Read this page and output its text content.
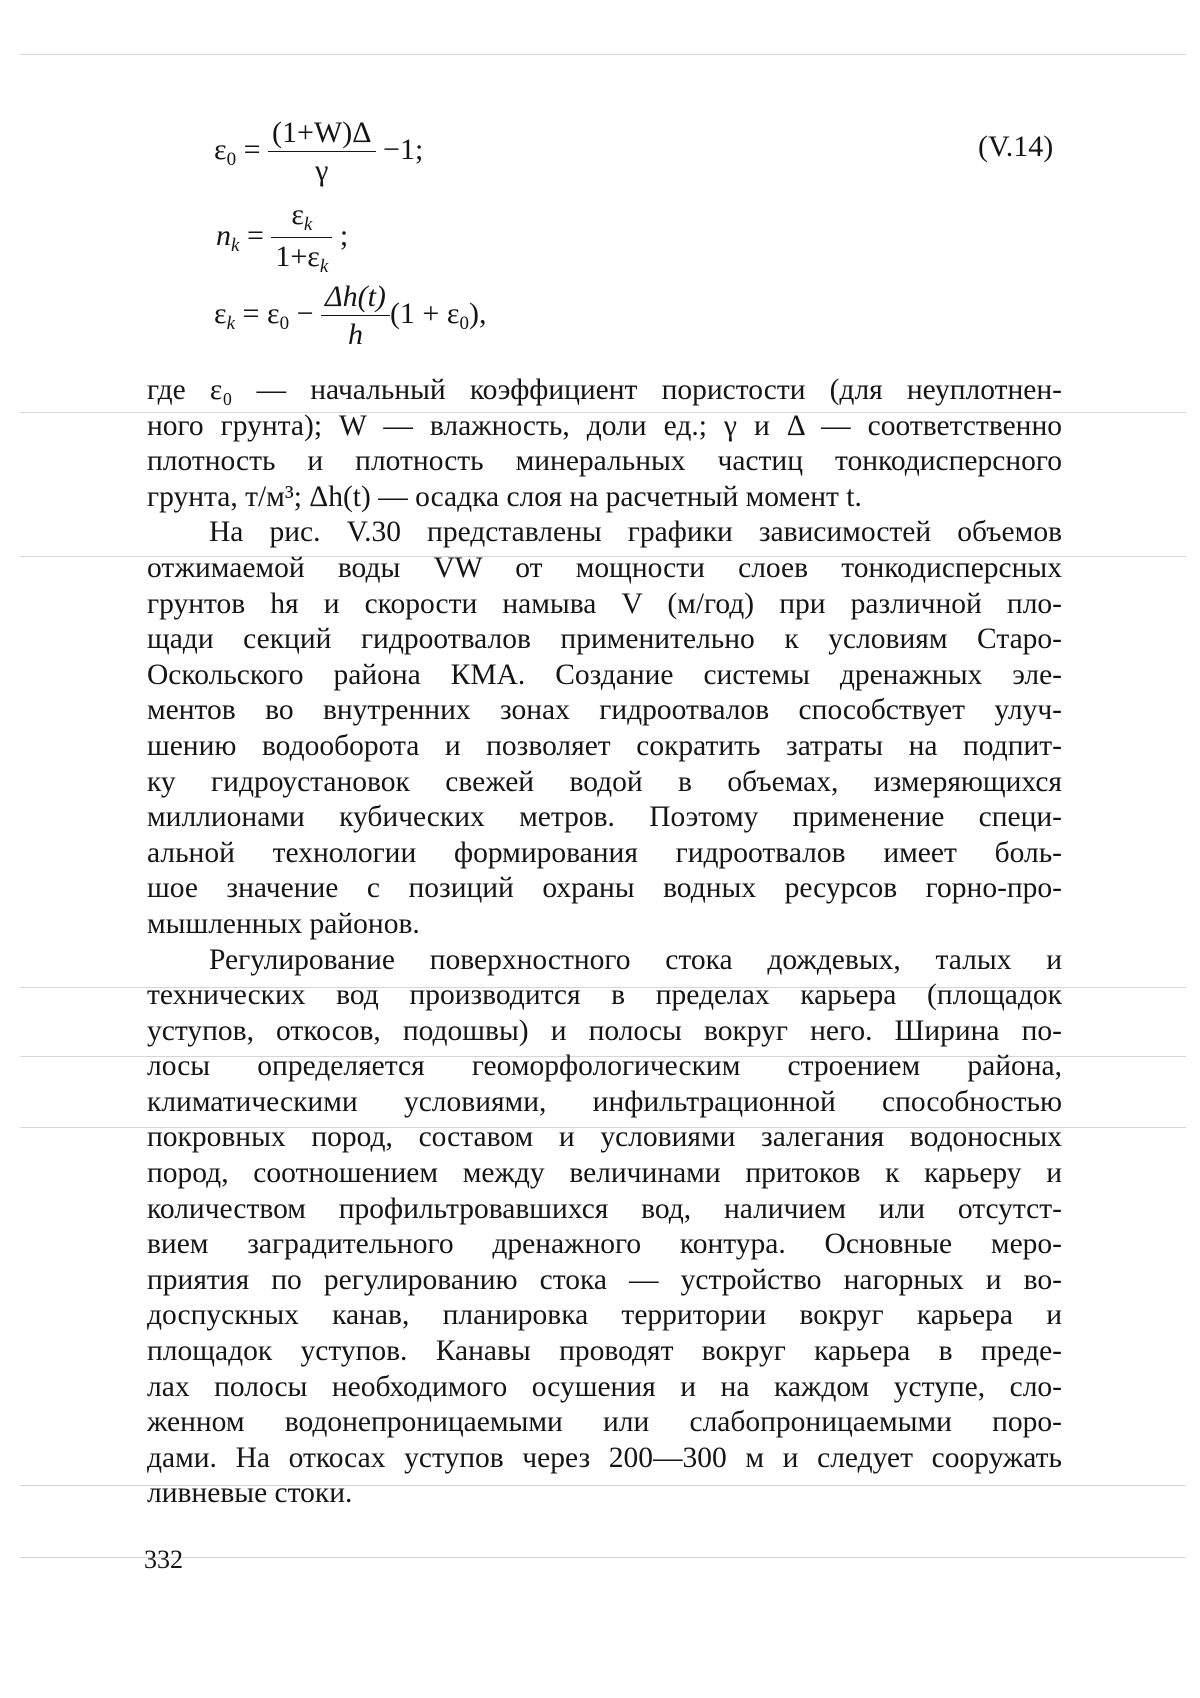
$\varepsilon_0 = \frac{(1+W)\Delta}{\gamma} -1$;	(V.14)
$n_k = \frac{\varepsilon_k}{1+\varepsilon_k}$ ;
$\varepsilon_k = \varepsilon_0 - \frac{\Delta h(t)}{h} (1 + \varepsilon_0)$,

где ε₀ — начальный коэффициент пористости (для неуплотнен-

ного грунта); W — влажность, доли ед.; γ и Δ — соответственно

плотность и плотность минеральных частиц тонкодисперсного

грунта, т/м³; Δh(t) — осадка слоя на расчетный момент t.

На рис. V.30 представлены графики зависимостей объемов

отжимаемой воды VW от мощности слоев тонкодисперсных

грунтов hя и скорости намыва V (м/год) при различной пло-

щади секций гидроотвалов применительно к условиям Старо-

Оскольского района КМА. Создание системы дренажных эле-

ментов во внутренних зонах гидроотвалов способствует улуч-

шению водооборота и позволяет сократить затраты на подпит-

ку гидроустановок свежей водой в объемах, измеряющихся

миллионами кубических метров. Поэтому применение специ-

альной технологии формирования гидроотвалов имеет боль-

шое значение с позиций охраны водных ресурсов горно-про-

мышленных районов.

Регулирование поверхностного стока дождевых, талых и

технических вод производится в пределах карьера (площадок

уступов, откосов, подошвы) и полосы вокруг него. Ширина по-

лосы определяется геоморфологическим строением района,

климатическими условиями, инфильтрационной способностью

покровных пород, составом и условиями залегания водоносных

пород, соотношением между величинами притоков к карьеру и

количеством профильтровавшихся вод, наличием или отсутст-

вием заградительного дренажного контура. Основные меро-

приятия по регулированию стока — устройство нагорных и во-

доспускных канав, планировка территории вокруг карьера и

площадок уступов. Канавы проводят вокруг карьера в преде-

лах полосы необходимого осушения и на каждом уступе, сло-

женном водонепроницаемыми или слабопроницаемыми поро-

дами. На откосах уступов через 200—300 м и следует сооружать

ливневые стоки.

332
